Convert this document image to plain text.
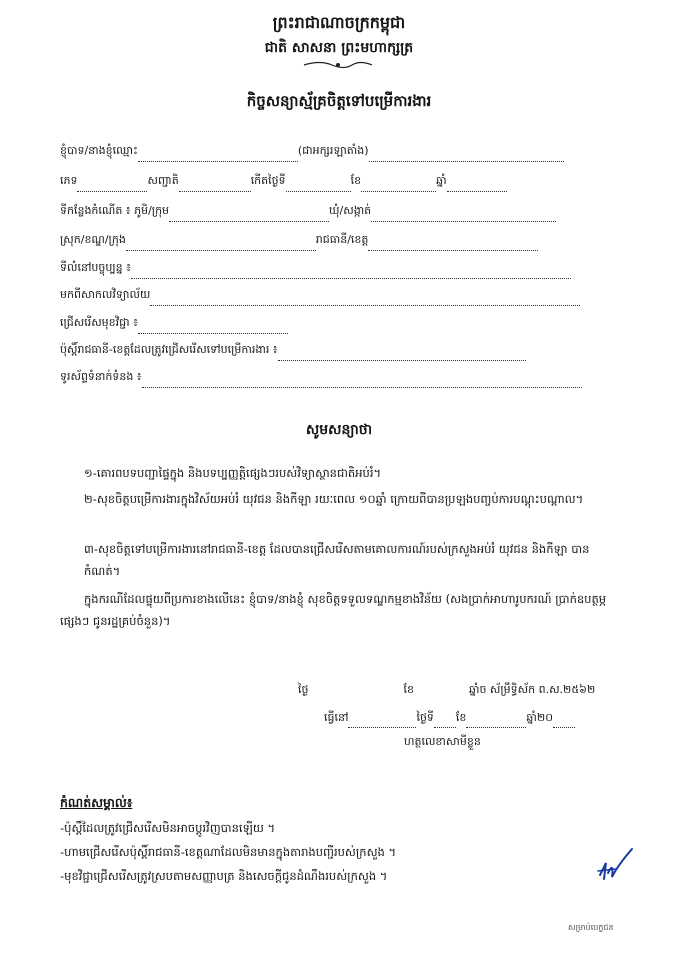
ព្រះរាជាណាចក្រកម្ពុជា
ជាតិ សាសនា ព្រះមហាក្សត្រ
កិច្ចសន្យាស្ម័គ្រចិត្តទៅបម្រើការងារ
ខ្ញុំបាទ/នាងខ្ញុំឈ្មោះ	(ជាអក្សរឡាតាំង)
ភេទ	សញ្ជាតិ	កើតថ្ងៃទី	ខែ	ឆ្នាំ
ទីកន្លែងកំណើត ៖ ភូមិ/ក្រុម	ឃុំ/សង្កាត់
ស្រុក/ខណ្ឌ/ក្រុង	រាជធានី/ខេត្ត
ទីលំនៅបច្ចុប្បន្ន ៖
មកពីសាកលវិទ្យាល័យ
ជ្រើសរើសមុខវិជ្ជា ៖
ប៉ុស្តិ៍រាជធានី-ខេត្តដែលត្រូវជ្រើសរើសទៅបម្រើការងារ ៖
ទូរស័ព្ទទំនាក់ទំនង ៖
សូមសន្យាថា
១-គោរពបទបញ្ជាផ្ទៃក្នុង និងបទប្បញ្ញត្តិផ្សេងៗរបស់វិទ្យាស្ថានជាតិអប់រំ។
២-សុខចិត្តបម្រើការងារក្នុងវិស័យអប់រំ យុវជន និងកីឡា រយៈពេល ១០ឆ្នាំ ក្រោយពីបានប្រឡងបញ្ចប់ការបណ្តុះបណ្តាល។
៣-សុខចិត្តទៅបម្រើការងារនៅរាជធានី-ខេត្ត ដែលបានជ្រើសរើសតាមគោលការណ៍របស់ក្រសួងអប់រំ យុវជន និងកីឡា បានកំណត់។
ក្នុងករណីដែលផ្ទុយពីប្រការខាងលើនេះ ខ្ញុំបាទ/នាងខ្ញុំ សុខចិត្តទទួលទណ្ឌកម្មខាងវិន័យ (សងប្រាក់អាហារូបករណ៍ ប្រាក់ឧបត្ថម្ភផ្សេងៗ ជូនរដ្ឋគ្រប់ចំនួន)។
ថ្ងៃ	ខែ	ឆ្នាំច ស័ម្រឹទ្ធិស័ក ព.ស.២៥៦២
ធ្វើនៅ	ថ្ងៃទី ខែ	ឆ្នាំ២០
ហត្ថលេខាសាមីខ្លួន
កំណត់សម្គាល់៖
-ប៉ុស្តិ៍ដែលត្រូវជ្រើសរើសមិនអាចប្តូរវិញបានឡើយ ។
-ហាមជ្រើសរើសប៉ុស្តិ៍រាជធានី-ខេត្តណាដែលមិនមានក្នុងតារាងបញ្ជីរបស់ក្រសួង ។
-មុខវិជ្ជាជ្រើសរើសត្រូវស្របតាមសញ្ញាបត្រ និងសេចក្តីជូនដំណឹងរបស់ក្រសួង ។
សម្រាប់បេក្ខជន
